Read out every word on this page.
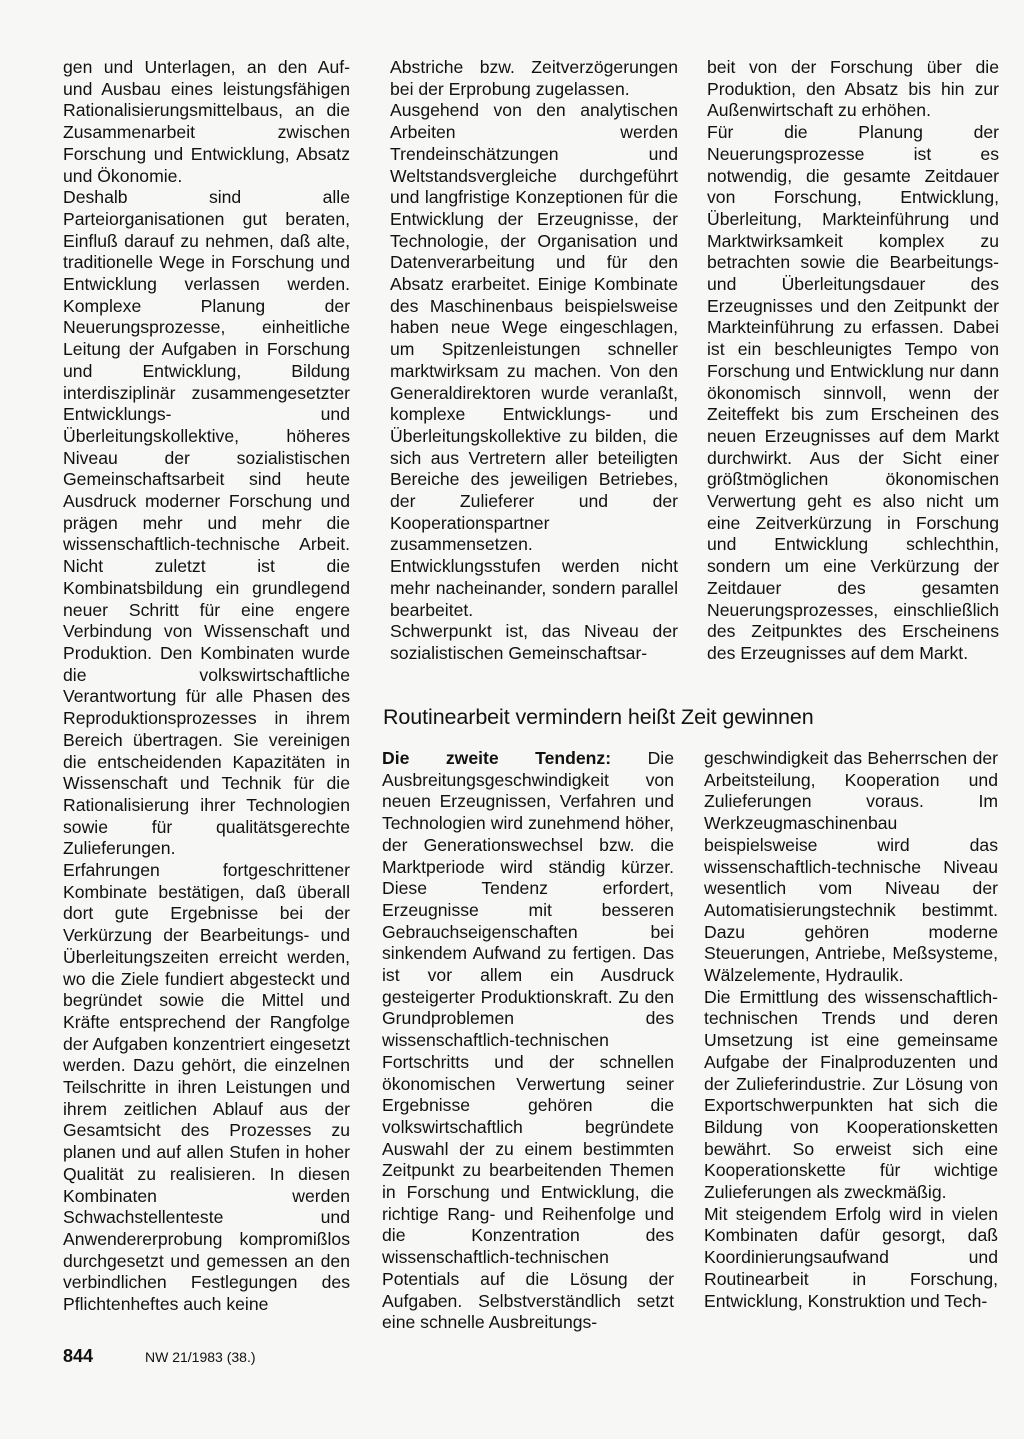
gen und Unterlagen, an den Auf- und Ausbau eines leistungsfähigen Rationalisierungsmittelbaus, an die Zusammenarbeit zwischen Forschung und Entwicklung, Absatz und Ökonomie.

Deshalb sind alle Parteiorganisationen gut beraten, Einfluß darauf zu nehmen, daß alte, traditionelle Wege in Forschung und Entwicklung verlassen werden. Komplexe Planung der Neuerungsprozesse, einheitliche Leitung der Aufgaben in Forschung und Entwicklung, Bildung interdisziplinär zusammengesetzter Entwicklungs- und Überleitungskollektive, höheres Niveau der sozialistischen Gemeinschaftsarbeit sind heute Ausdruck moderner Forschung und prägen mehr und mehr die wissenschaftlich-technische Arbeit. Nicht zuletzt ist die Kombinatsbildung ein grundlegend neuer Schritt für eine engere Verbindung von Wissenschaft und Produktion. Den Kombinaten wurde die volkswirtschaftliche Verantwortung für alle Phasen des Reproduktionsprozesses in ihrem Bereich übertragen. Sie vereinigen die entscheidenden Kapazitäten in Wissenschaft und Technik für die Rationalisierung ihrer Technologien sowie für qualitätsgerechte Zulieferungen.

Erfahrungen fortgeschrittener Kombinate bestätigen, daß überall dort gute Ergebnisse bei der Verkürzung der Bearbeitungs- und Überleitungszeiten erreicht werden, wo die Ziele fundiert abgesteckt und begründet sowie die Mittel und Kräfte entsprechend der Rangfolge der Aufgaben konzentriert eingesetzt werden. Dazu gehört, die einzelnen Teilschritte in ihren Leistungen und ihrem zeitlichen Ablauf aus der Gesamtsicht des Prozesses zu planen und auf allen Stufen in hoher Qualität zu realisieren. In diesen Kombinaten werden Schwachstellenteste und Anwendererprobung kompromißlos durchgesetzt und gemessen an den verbindlichen Festlegungen des Pflichtenheftes auch keine

Abstriche bzw. Zeitverzögerungen bei der Erprobung zugelassen.

Ausgehend von den analytischen Arbeiten werden Trendeinschätzungen und Weltstandsvergleiche durchgeführt und langfristige Konzeptionen für die Entwicklung der Erzeugnisse, der Technologie, der Organisation und Datenverarbeitung und für den Absatz erarbeitet. Einige Kombinate des Maschinenbaus beispielsweise haben neue Wege eingeschlagen, um Spitzenleistungen schneller marktwirksam zu machen. Von den Generaldirektoren wurde veranlaßt, komplexe Entwicklungs- und Überleitungskollektive zu bilden, die sich aus Vertretern aller beteiligten Bereiche des jeweiligen Betriebes, der Zulieferer und der Kooperationspartner zusammensetzen. Entwicklungsstufen werden nicht mehr nacheinander, sondern parallel bearbeitet.

Schwerpunkt ist, das Niveau der sozialistischen Gemeinschaftsar-

beit von der Forschung über die Produktion, den Absatz bis hin zur Außenwirtschaft zu erhöhen.

Für die Planung der Neuerungsprozesse ist es notwendig, die gesamte Zeitdauer von Forschung, Entwicklung, Überleitung, Markteinführung und Marktwirksamkeit komplex zu betrachten sowie die Bearbeitungs- und Überleitungsdauer des Erzeugnisses und den Zeitpunkt der Markteinführung zu erfassen. Dabei ist ein beschleunigtes Tempo von Forschung und Entwicklung nur dann ökonomisch sinnvoll, wenn der Zeiteffekt bis zum Erscheinen des neuen Erzeugnisses auf dem Markt durchwirkt. Aus der Sicht einer größtmöglichen ökonomischen Verwertung geht es also nicht um eine Zeitverkürzung in Forschung und Entwicklung schlechthin, sondern um eine Verkürzung der Zeitdauer des gesamten Neuerungsprozesses, einschließlich des Zeitpunktes des Erscheinens des Erzeugnisses auf dem Markt.

Routinearbeit vermindern heißt Zeit gewinnen

Die zweite Tendenz: Die Ausbreitungsgeschwindigkeit von neuen Erzeugnissen, Verfahren und Technologien wird zunehmend höher, der Generationswechsel bzw. die Marktperiode wird ständig kürzer. Diese Tendenz erfordert, Erzeugnisse mit besseren Gebrauchseigenschaften bei sinkendem Aufwand zu fertigen. Das ist vor allem ein Ausdruck gesteigerter Produktionskraft. Zu den Grundproblemen des wissenschaftlich-technischen Fortschritts und der schnellen ökonomischen Verwertung seiner Ergebnisse gehören die volkswirtschaftlich begründete Auswahl der zu einem bestimmten Zeitpunkt zu bearbeitenden Themen in Forschung und Entwicklung, die richtige Rang- und Reihenfolge und die Konzentration des wissenschaftlich-technischen Potentials auf die Lösung der Aufgaben. Selbstverständlich setzt eine schnelle Ausbreitungs-

geschwindigkeit das Beherrschen der Arbeitsteilung, Kooperation und Zulieferungen voraus. Im Werkzeugmaschinenbau beispielsweise wird das wissenschaftlich-technische Niveau wesentlich vom Niveau der Automatisierungstechnik bestimmt. Dazu gehören moderne Steuerungen, Antriebe, Meßsysteme, Wälzelemente, Hydraulik.

Die Ermittlung des wissenschaftlich-technischen Trends und deren Umsetzung ist eine gemeinsame Aufgabe der Finalproduzenten und der Zulieferindustrie. Zur Lösung von Exportschwerpunkten hat sich die Bildung von Kooperationsketten bewährt. So erweist sich eine Kooperationskette für wichtige Zulieferungen als zweckmäßig.

Mit steigendem Erfolg wird in vielen Kombinaten dafür gesorgt, daß Koordinierungsaufwand und Routinearbeit in Forschung, Entwicklung, Konstruktion und Tech-

844	NW 21/1983 (38.)
